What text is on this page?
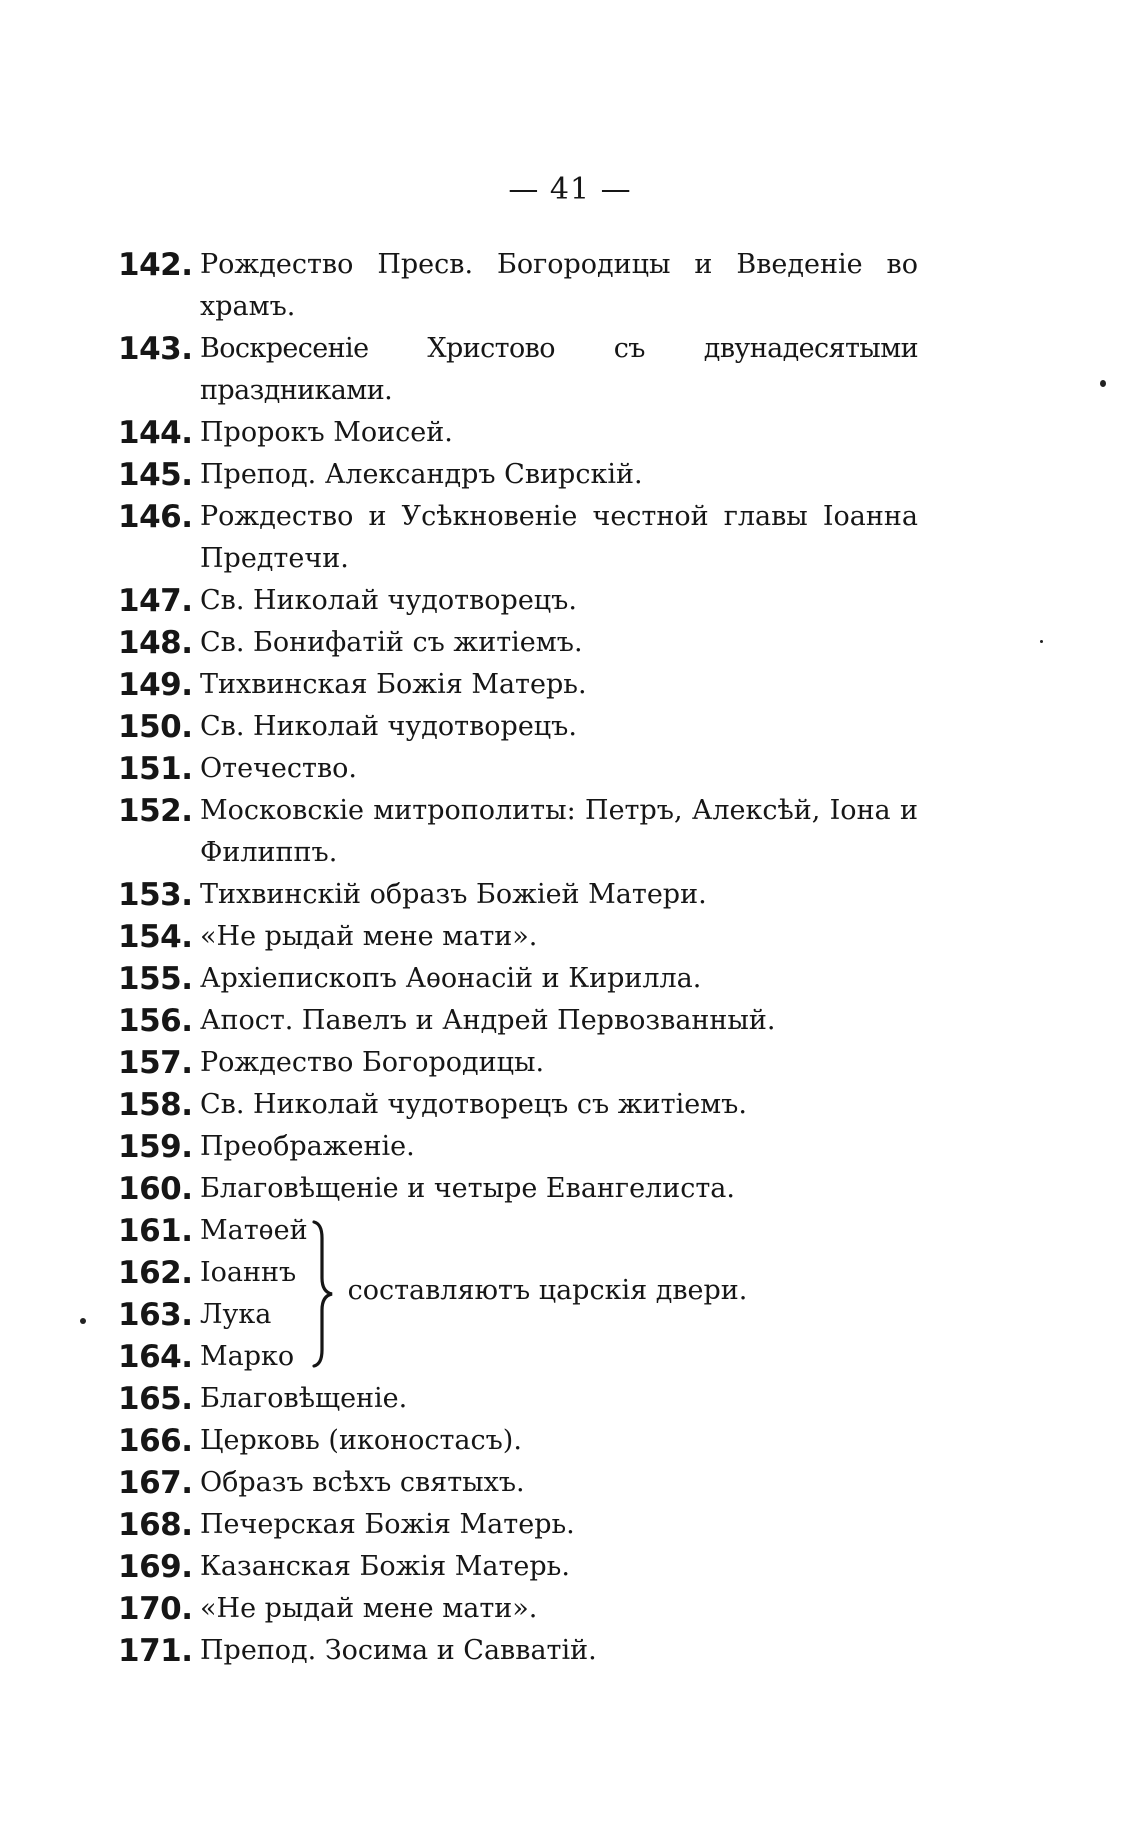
— 41 —
142. Рождество Пресв. Богородицы и Введеніе во храмъ.
143. Воскресеніе Христово съ двунадесятыми праздниками.
144. Пророкъ Моисей.
145. Препод. Александръ Свирскій.
146. Рождество и Усѣкновеніе честной главы Іоанна Предтечи.
147. Св. Николай чудотворецъ.
148. Св. Бонифатій съ житіемъ.
149. Тихвинская Божія Матерь.
150. Св. Николай чудотворецъ.
151. Отечество.
152. Московскіе митрополиты: Петръ, Алексѣй, Іона и Филиппъ.
153. Тихвинскій образъ Божіей Матери.
154. «Не рыдай мене мати».
155. Архіепископъ Аѳонасій и Кирилла.
156. Апост. Павелъ и Андрей Первозванный.
157. Рождество Богородицы.
158. Св. Николай чудотворецъ съ житіемъ.
159. Преображеніе.
160. Благовѣщеніе и четыре Евангелиста.
161. Матѳей
162. Іоаннъ
163. Лука
164. Марко
составляютъ царскія двери.
165. Благовѣщеніе.
166. Церковь (иконостасъ).
167. Образъ всѣхъ святыхъ.
168. Печерская Божія Матерь.
169. Казанская Божія Матерь.
170. «Не рыдай мене мати».
171. Препод. Зосима и Савватій.
